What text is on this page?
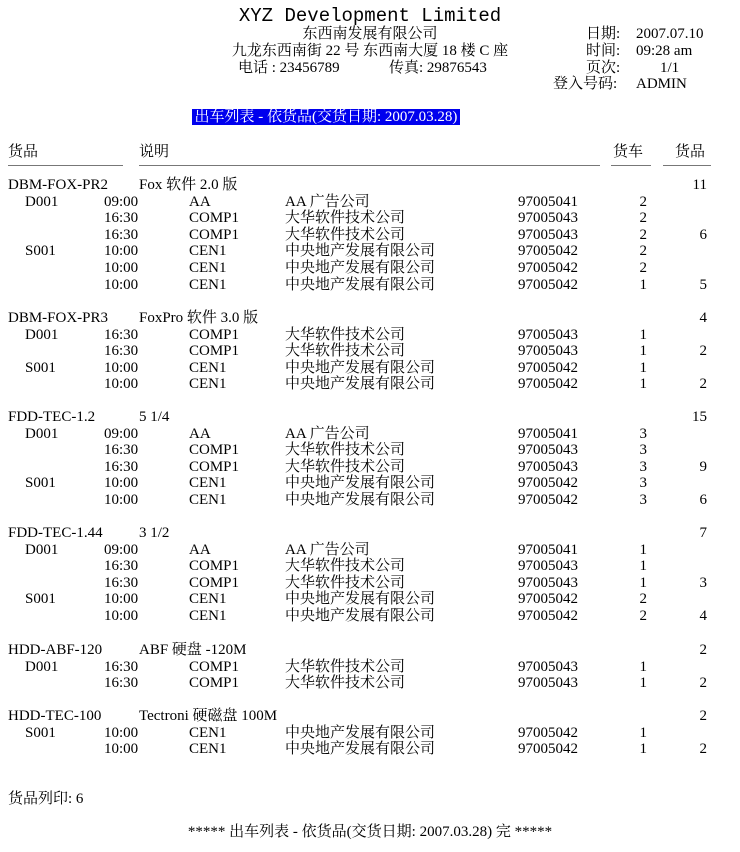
XYZ Development Limited
东西南发展有限公司
九龙东西南街 22 号 东西南大厦 18 楼 C 座
电话 : 23456789	传真: 29876543
日期: 2007.07.10
时间: 09:28 am
页次:	1/1
登入号码: ADMIN

出车列表 - 依货品(交货日期: 2007.03.28)

货品	说明	货车 货品
DBM-FOX-PR2 Fox 软件 2.0 版	11
D001	09:00	AA	AA 广告公司	97005041	2
16:30	COMP1	大华软件技术公司	97005043	2
16:30	COMP1	大华软件技术公司	97005043	2	6
S001	10:00	CEN1	中央地产发展有限公司	97005042	2
10:00	CEN1	中央地产发展有限公司	97005042	2
10:00	CEN1	中央地产发展有限公司	97005042	1	5
DBM-FOX-PR3 FoxPro 软件 3.0 版	4
D001	16:30	COMP1	大华软件技术公司	97005043	1
16:30	COMP1	大华软件技术公司	97005043	1	2
S001	10:00	CEN1	中央地产发展有限公司	97005042	1
10:00	CEN1	中央地产发展有限公司	97005042	1	2
FDD-TEC-1.2	5 1/4	15
D001	09:00	AA	AA 广告公司	97005041	3
16:30	COMP1	大华软件技术公司	97005043	3
16:30	COMP1	大华软件技术公司	97005043	3	9
S001	10:00	CEN1	中央地产发展有限公司	97005042	3
10:00	CEN1	中央地产发展有限公司	97005042	3	6
FDD-TEC-1.44 3 1/2	7
D001	09:00	AA	AA 广告公司	97005041	1
16:30	COMP1	大华软件技术公司	97005043	1
16:30	COMP1	大华软件技术公司	97005043	1	3
S001	10:00	CEN1	中央地产发展有限公司	97005042	2
10:00	CEN1	中央地产发展有限公司	97005042	2	4
HDD-ABF-120 ABF 硬盘 -120M	2
D001	16:30	COMP1	大华软件技术公司	97005043	1
16:30	COMP1	大华软件技术公司	97005043	1	2
HDD-TEC-100	Tectroni 硬磁盘 100M	2
S001	10:00	CEN1	中央地产发展有限公司	97005042	1
10:00	CEN1	中央地产发展有限公司	97005042	1	2
货品列印: 6
***** 出车列表 - 依货品(交货日期: 2007.03.28) 完 *****
